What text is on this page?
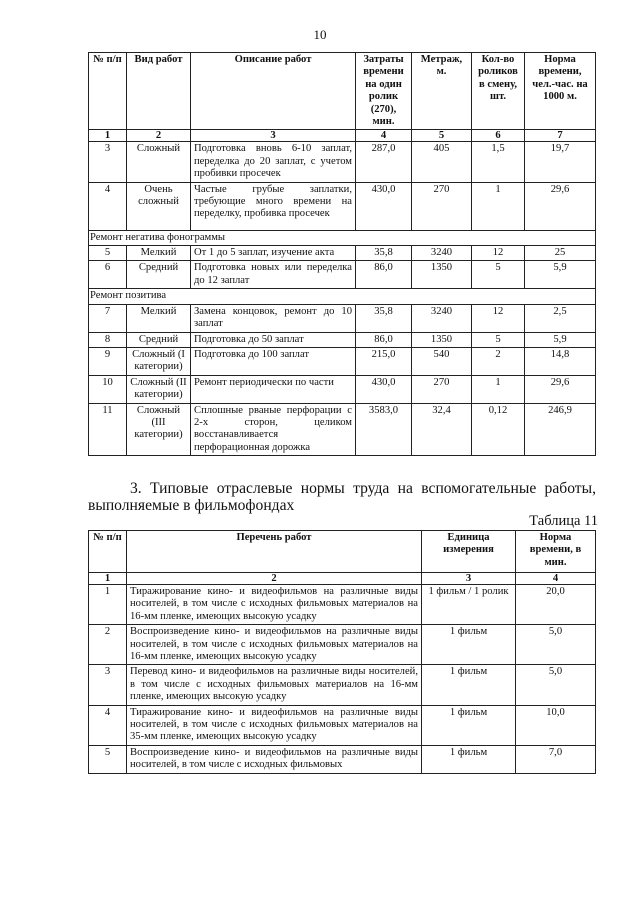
10
№ п/п	Вид работ	Описание работ	Затраты времени на один ролик (270), мин.	Метраж, м.	Кол-во роликов в смену, шт.	Норма времени, чел.-час. на 1000 м.
1	2	3	4	5	6	7
3	Сложный	Подготовка вновь 6-10 заплат, переделка до 20 заплат, с учетом пробивки просечек	287,0	405	1,5	19,7
4	Очень сложный	Частые грубые заплатки, требующие много времени на переделку, пробивка просечек	430,0	270	1	29,6
Ремонт негатива фонограммы						
5	Мелкий	От 1 до 5 заплат, изучение акта	35,8	3240	12	25
6	Средний	Подготовка новых или переделка до 12 заплат	86,0	1350	5	5,9
Ремонт позитива						
7	Мелкий	Замена концовок, ремонт до 10 заплат	35,8	3240	12	2,5
8	Средний	Подготовка до 50 заплат	86,0	1350	5	5,9
9	Сложный (I категории)	Подготовка до 100 заплат	215,0	540	2	14,8
10	Сложный (II категории)	Ремонт периодически по части	430,0	270	1	29,6
11	Сложный (III категории)	Сплошные рваные перфорации с 2-х сторон, целиком восстанавливается перфорационная дорожка	3583,0	32,4	0,12	246,9
3. Типовые отраслевые нормы труда на вспомогательные работы, выполняемые в фильмофондах
Таблица 11
№ п/п	Перечень работ	Единица измерения	Норма времени, в мин.
1	2	3	4
1	Тиражирование кино- и видеофильмов на различные виды носителей, в том числе с исходных фильмовых материалов на 16-мм пленке, имеющих высокую усадку	1 фильм / 1 ролик	20,0
2	Воспроизведение кино- и видеофильмов на различные виды носителей, в том числе с исходных фильмовых материалов на 16-мм пленке, имеющих высокую усадку	1 фильм	5,0
3	Перевод кино- и видеофильмов на различные виды носителей, в том числе с исходных фильмовых материалов на 16-мм пленке, имеющих высокую усадку	1 фильм	5,0
4	Тиражирование кино- и видеофильмов на различные виды носителей, в том числе с исходных фильмовых материалов на 35-мм пленке, имеющих высокую усадку	1 фильм	10,0
5	Воспроизведение кино- и видеофильмов на различные виды носителей, в том числе с исходных фильмовых	1 фильм	7,0
